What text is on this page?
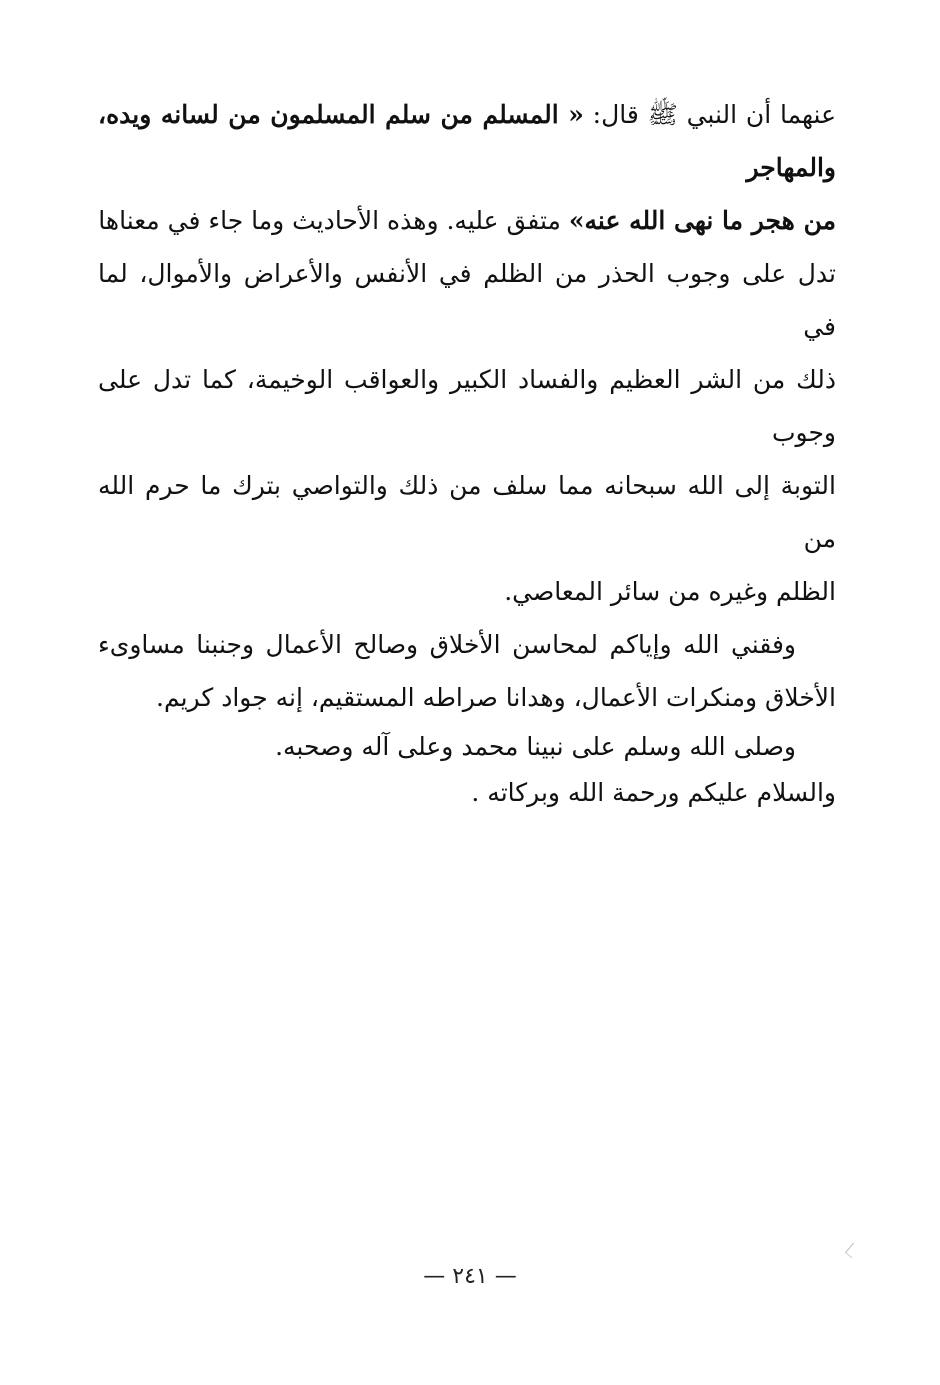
عنهما أن النبي ﷺ قال: « المسلم من سلم المسلمون من لسانه ويده، والمهاجر
من هجر ما نهى الله عنه» متفق عليه. وهذه الأحاديث وما جاء في معناها
تدل على وجوب الحذر من الظلم في الأنفس والأعراض والأموال، لما في
ذلك من الشر العظيم والفساد الكبير والعواقب الوخيمة، كما تدل على وجوب
التوبة إلى الله سبحانه مما سلف من ذلك والتواصي بترك ما حرم الله من
الظلم وغيره من سائر المعاصي.

وفقني الله وإياكم لمحاسن الأخلاق وصالح الأعمال وجنبنا مساوىء الأخلاق ومنكرات الأعمال، وهدانا صراطه المستقيم، إنه جواد كريم.

وصلى الله وسلم على نبينا محمد وعلى آله وصحبه.

والسلام عليكم ورحمة الله وبركاته .

— ٢٤١ —
